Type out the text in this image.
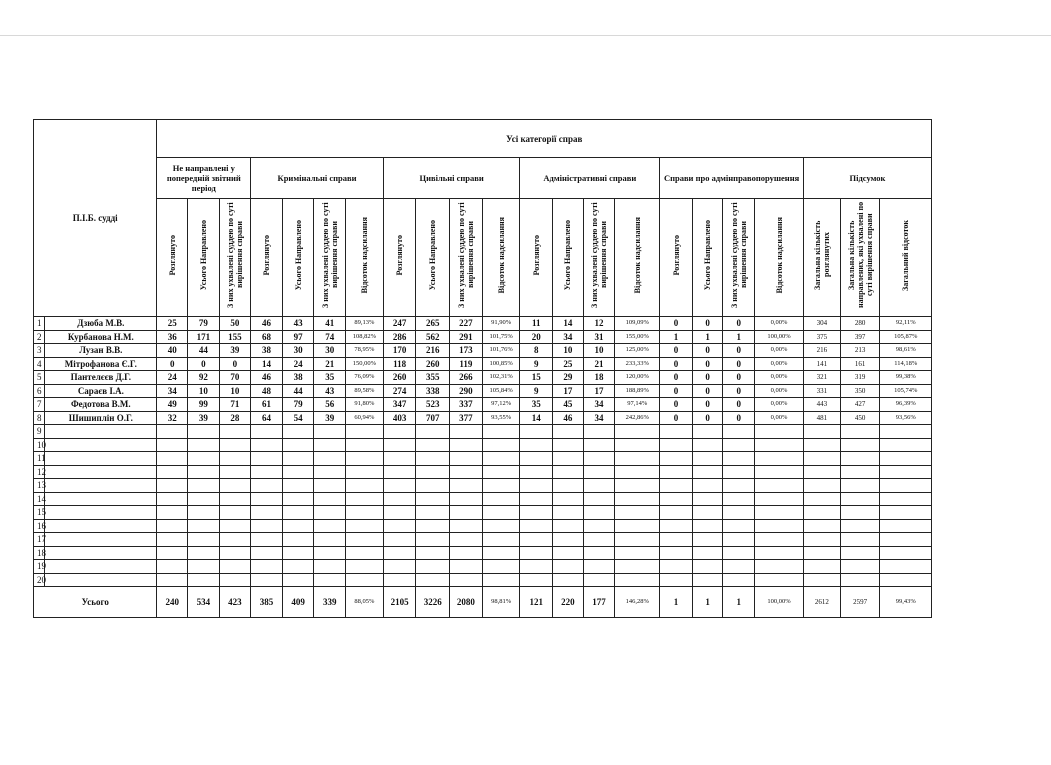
П.І.Б. судді		Усі категорії справ																					
		Не направлені у попередній звітний період			Кримінальні справи				Цивільні справи				Адміністративні справи				Справи про адмінправопорушення				Підсумок		
		Розглянуто	Усього Направлено	З них ухвалені суддею по суті вирішення справи	Розглянуто	Усього Направлено	З них ухвалені суддею по суті вирішення справи	Відсоток надсилання	Розглянуто	Усього Направлено	З них ухвалені суддею по суті вирішення справи	Відсоток надсилання	Розглянуто	Усього Направлено	З них ухвалені суддею по суті вирішення справи	Відсоток надсилання	Розглянуто	Усього Направлено	З них ухвалені суддею по суті вирішення справи	Відсоток надсилання	Загальна кількість розглянутих	Загальна кількість направлених, які ухвалені по суті вирішення справи	Загальний відсоток
1	Дзюба М.В.	25	79	50	46	43	41	89,13%	247	265	227	91,90%	11	14	12	109,09%	0	0	0	0,00%	304	280	92,11%
2	Курбанова Н.М.	36	171	155	68	97	74	108,82%	286	562	291	101,75%	20	34	31	155,00%	1	1	1	100,00%	375	397	105,87%
3	Лузан В.В.	40	44	39	38	30	30	78,95%	170	216	173	101,76%	8	10	10	125,00%	0	0	0	0,00%	216	213	98,61%
4	Мітрофанова Є.Г.	0	0	0	14	24	21	150,00%	118	260	119	100,85%	9	25	21	233,33%	0	0	0	0,00%	141	161	114,18%
5	Пантелєєв Д.Г.	24	92	70	46	38	35	76,09%	260	355	266	102,31%	15	29	18	120,00%	0	0	0	0,00%	321	319	99,38%
6	Сараєв І.А.	34	10	10	48	44	43	89,58%	274	338	290	105,84%	9	17	17	188,89%	0	0	0	0,00%	331	350	105,74%
7	Федотова В.М.	49	99	71	61	79	56	91,80%	347	523	337	97,12%	35	45	34	97,14%	0	0	0	0,00%	443	427	96,39%
8	Шишиплін О.Г.	32	39	28	64	54	39	60,94%	403	707	377	93,55%	14	46	34	242,86%	0	0	0	0,00%	481	450	93,56%
9																							
10																							
11																							
12																							
13																							
14																							
15																							
16																							
17																							
18																							
19																							
20																							
Усього		240	534	423	385	409	339	88,05%	2105	3226	2080	98,81%	121	220	177	146,28%	1	1	1	100,00%	2612	2597	99,43%
